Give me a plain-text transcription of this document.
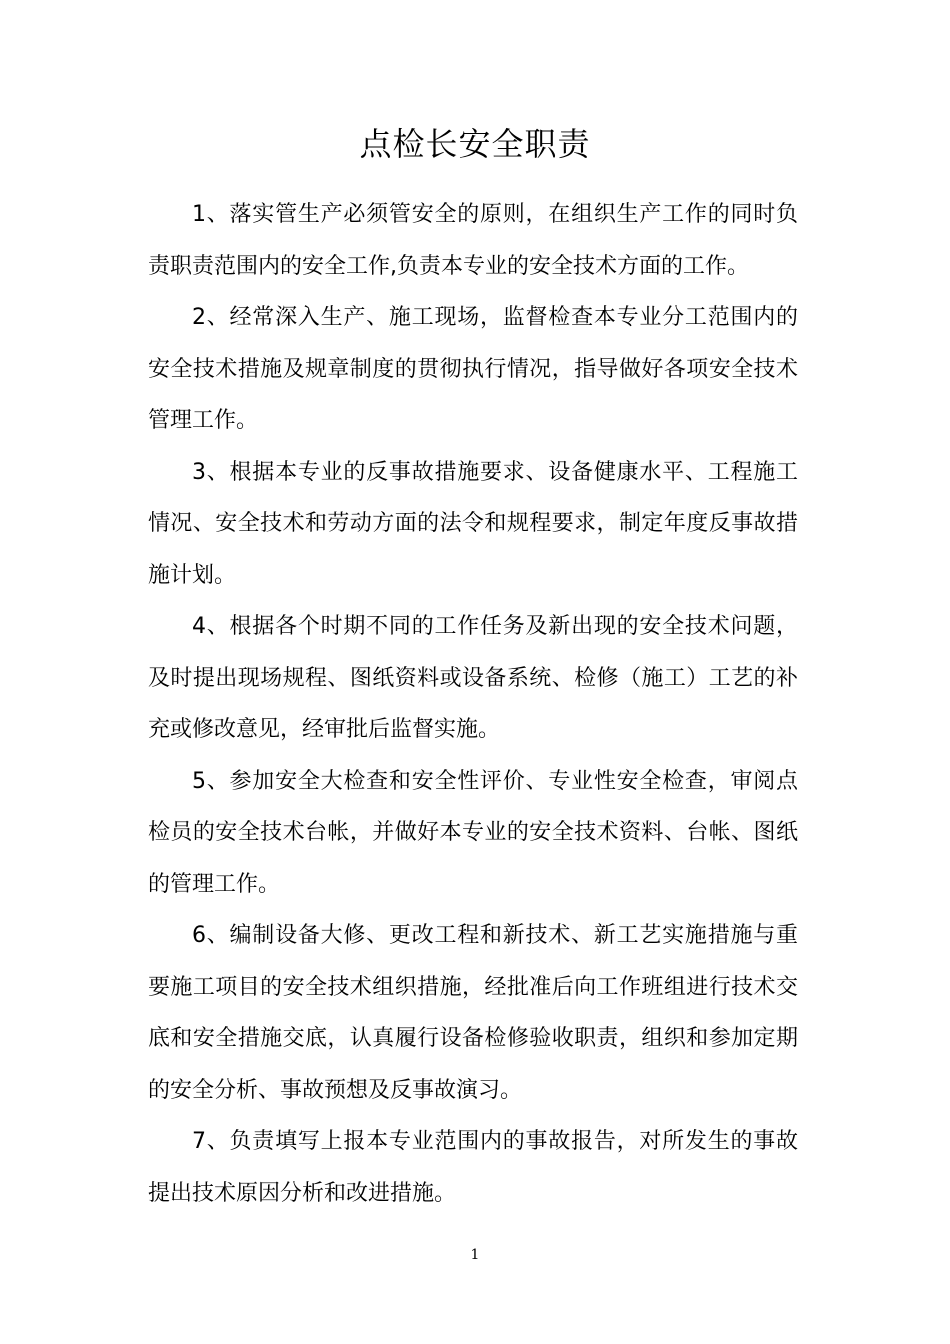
点检长安全职责

1、落实管生产必须管安全的原则，在组织生产工作的同时负责职责范围内的安全工作,负责本专业的安全技术方面的工作。

2、经常深入生产、施工现场，监督检查本专业分工范围内的安全技术措施及规章制度的贯彻执行情况，指导做好各项安全技术管理工作。

3、根据本专业的反事故措施要求、设备健康水平、工程施工情况、安全技术和劳动方面的法令和规程要求，制定年度反事故措施计划。

4、根据各个时期不同的工作任务及新出现的安全技术问题，及时提出现场规程、图纸资料或设备系统、检修（施工）工艺的补充或修改意见，经审批后监督实施。

5、参加安全大检查和安全性评价、专业性安全检查，审阅点检员的安全技术台帐，并做好本专业的安全技术资料、台帐、图纸的管理工作。

6、编制设备大修、更改工程和新技术、新工艺实施措施与重要施工项目的安全技术组织措施，经批准后向工作班组进行技术交底和安全措施交底，认真履行设备检修验收职责，组织和参加定期的安全分析、事故预想及反事故演习。

7、负责填写上报本专业范围内的事故报告，对所发生的事故提出技术原因分析和改进措施。

1
